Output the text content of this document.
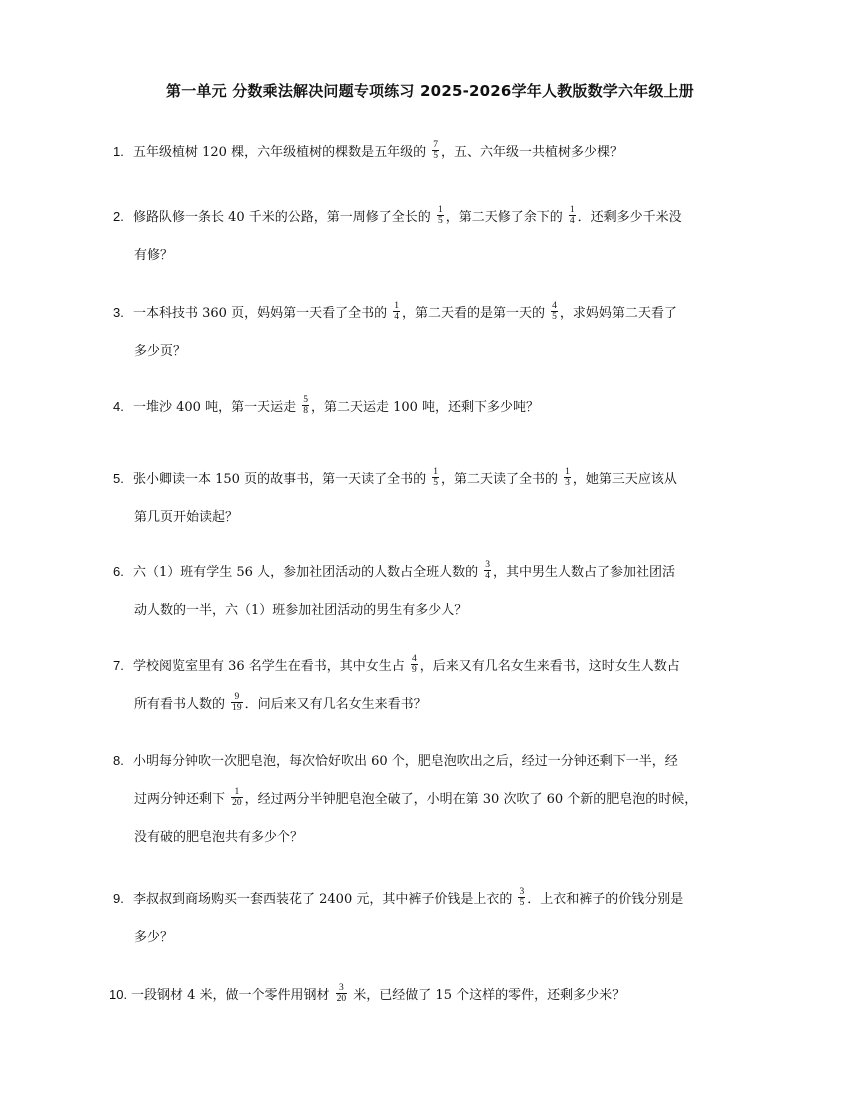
第一单元 分数乘法解决问题专项练习 2025-2026学年人教版数学六年级上册
1. 五年级植树 120 棵，六年级植树的棵数是五年级的 $\frac{7}{5}$ ，五、六年级一共植树多少棵？
2. 修路队修一条长 40 千米的公路，第一周修了全长的 $\frac{1}{5}$ ，第二天修了余下的 $\frac{1}{4}$ ．还剩多少千米没
有修？
3. 一本科技书 360 页，妈妈第一天看了全书的 $\frac{1}{4}$ ，第二天看的是第一天的 $\frac{4}{5}$ ，求妈妈第二天看了
多少页？
4. 一堆沙 400 吨，第一天运走 $\frac{5}{8}$ ，第二天运走 100 吨，还剩下多少吨？
5. 张小卿读一本 150 页的故事书，第一天读了全书的 $\frac{1}{5}$ ，第二天读了全书的 $\frac{1}{3}$ ，她第三天应该从
第几页开始读起？
6. 六（1）班有学生 56 人，参加社团活动的人数占全班人数的 $\frac{3}{4}$ ，其中男生人数占了参加社团活
动人数的一半，六（1）班参加社团活动的男生有多少人？
7. 学校阅览室里有 36 名学生在看书，其中女生占 $\frac{4}{9}$ ，后来又有几名女生来看书，这时女生人数占
所有看书人数的 $\frac{9}{19}$ ．问后来又有几名女生来看书？
8. 小明每分钟吹一次肥皂泡，每次恰好吹出 60 个，肥皂泡吹出之后，经过一分钟还剩下一半，经
过两分钟还剩下 $\frac{1}{20}$ ，经过两分半钟肥皂泡全破了，小明在第 30 次吹了 60 个新的肥皂泡的时候，
没有破的肥皂泡共有多少个？
9. 李叔叔到商场购买一套西装花了 2400 元，其中裤子价钱是上衣的 $\frac{3}{5}$ ．上衣和裤子的价钱分别是
多少？
10. 一段钢材 4 米，做一个零件用钢材 $\frac{3}{20}$ 米，已经做了 15 个这样的零件，还剩多少米？
